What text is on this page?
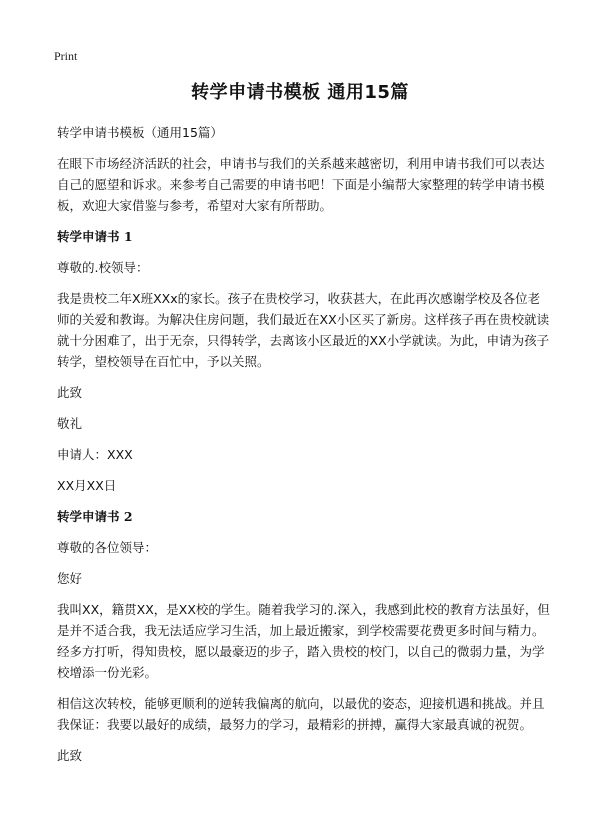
Print
转学申请书模板 通用15篇

转学申请书模板（通用15篇）

在眼下市场经济活跃的社会，申请书与我们的关系越来越密切，利用申请书我们可以表达自己的愿望和诉求。来参考自己需要的申请书吧！下面是小编帮大家整理的转学申请书模板，欢迎大家借鉴与参考，希望对大家有所帮助。

转学申请书 1

尊敬的.校领导：

我是贵校二年X班XXx的家长。孩子在贵校学习，收获甚大，在此再次感谢学校及各位老师的关爱和教诲。为解决住房问题，我们最近在XX小区买了新房。这样孩子再在贵校就读就十分困难了，出于无奈，只得转学，去离该小区最近的XX小学就读。为此，申请为孩子转学，望校领导在百忙中，予以关照。

此致

敬礼

申请人：XXX

XX月XX日

转学申请书 2

尊敬的各位领导：

您好

我叫XX，籍贯XX，是XX校的学生。随着我学习的.深入，我感到此校的教育方法虽好，但是并不适合我，我无法适应学习生活，加上最近搬家，到学校需要花费更多时间与精力。经多方打听，得知贵校，愿以最豪迈的步子，踏入贵校的校门，以自己的微弱力量，为学校增添一份光彩。

相信这次转校，能够更顺利的逆转我偏离的航向，以最优的姿态，迎接机遇和挑战。并且我保证：我要以最好的成绩，最努力的学习，最精彩的拼搏，赢得大家最真诚的祝贺。

此致
